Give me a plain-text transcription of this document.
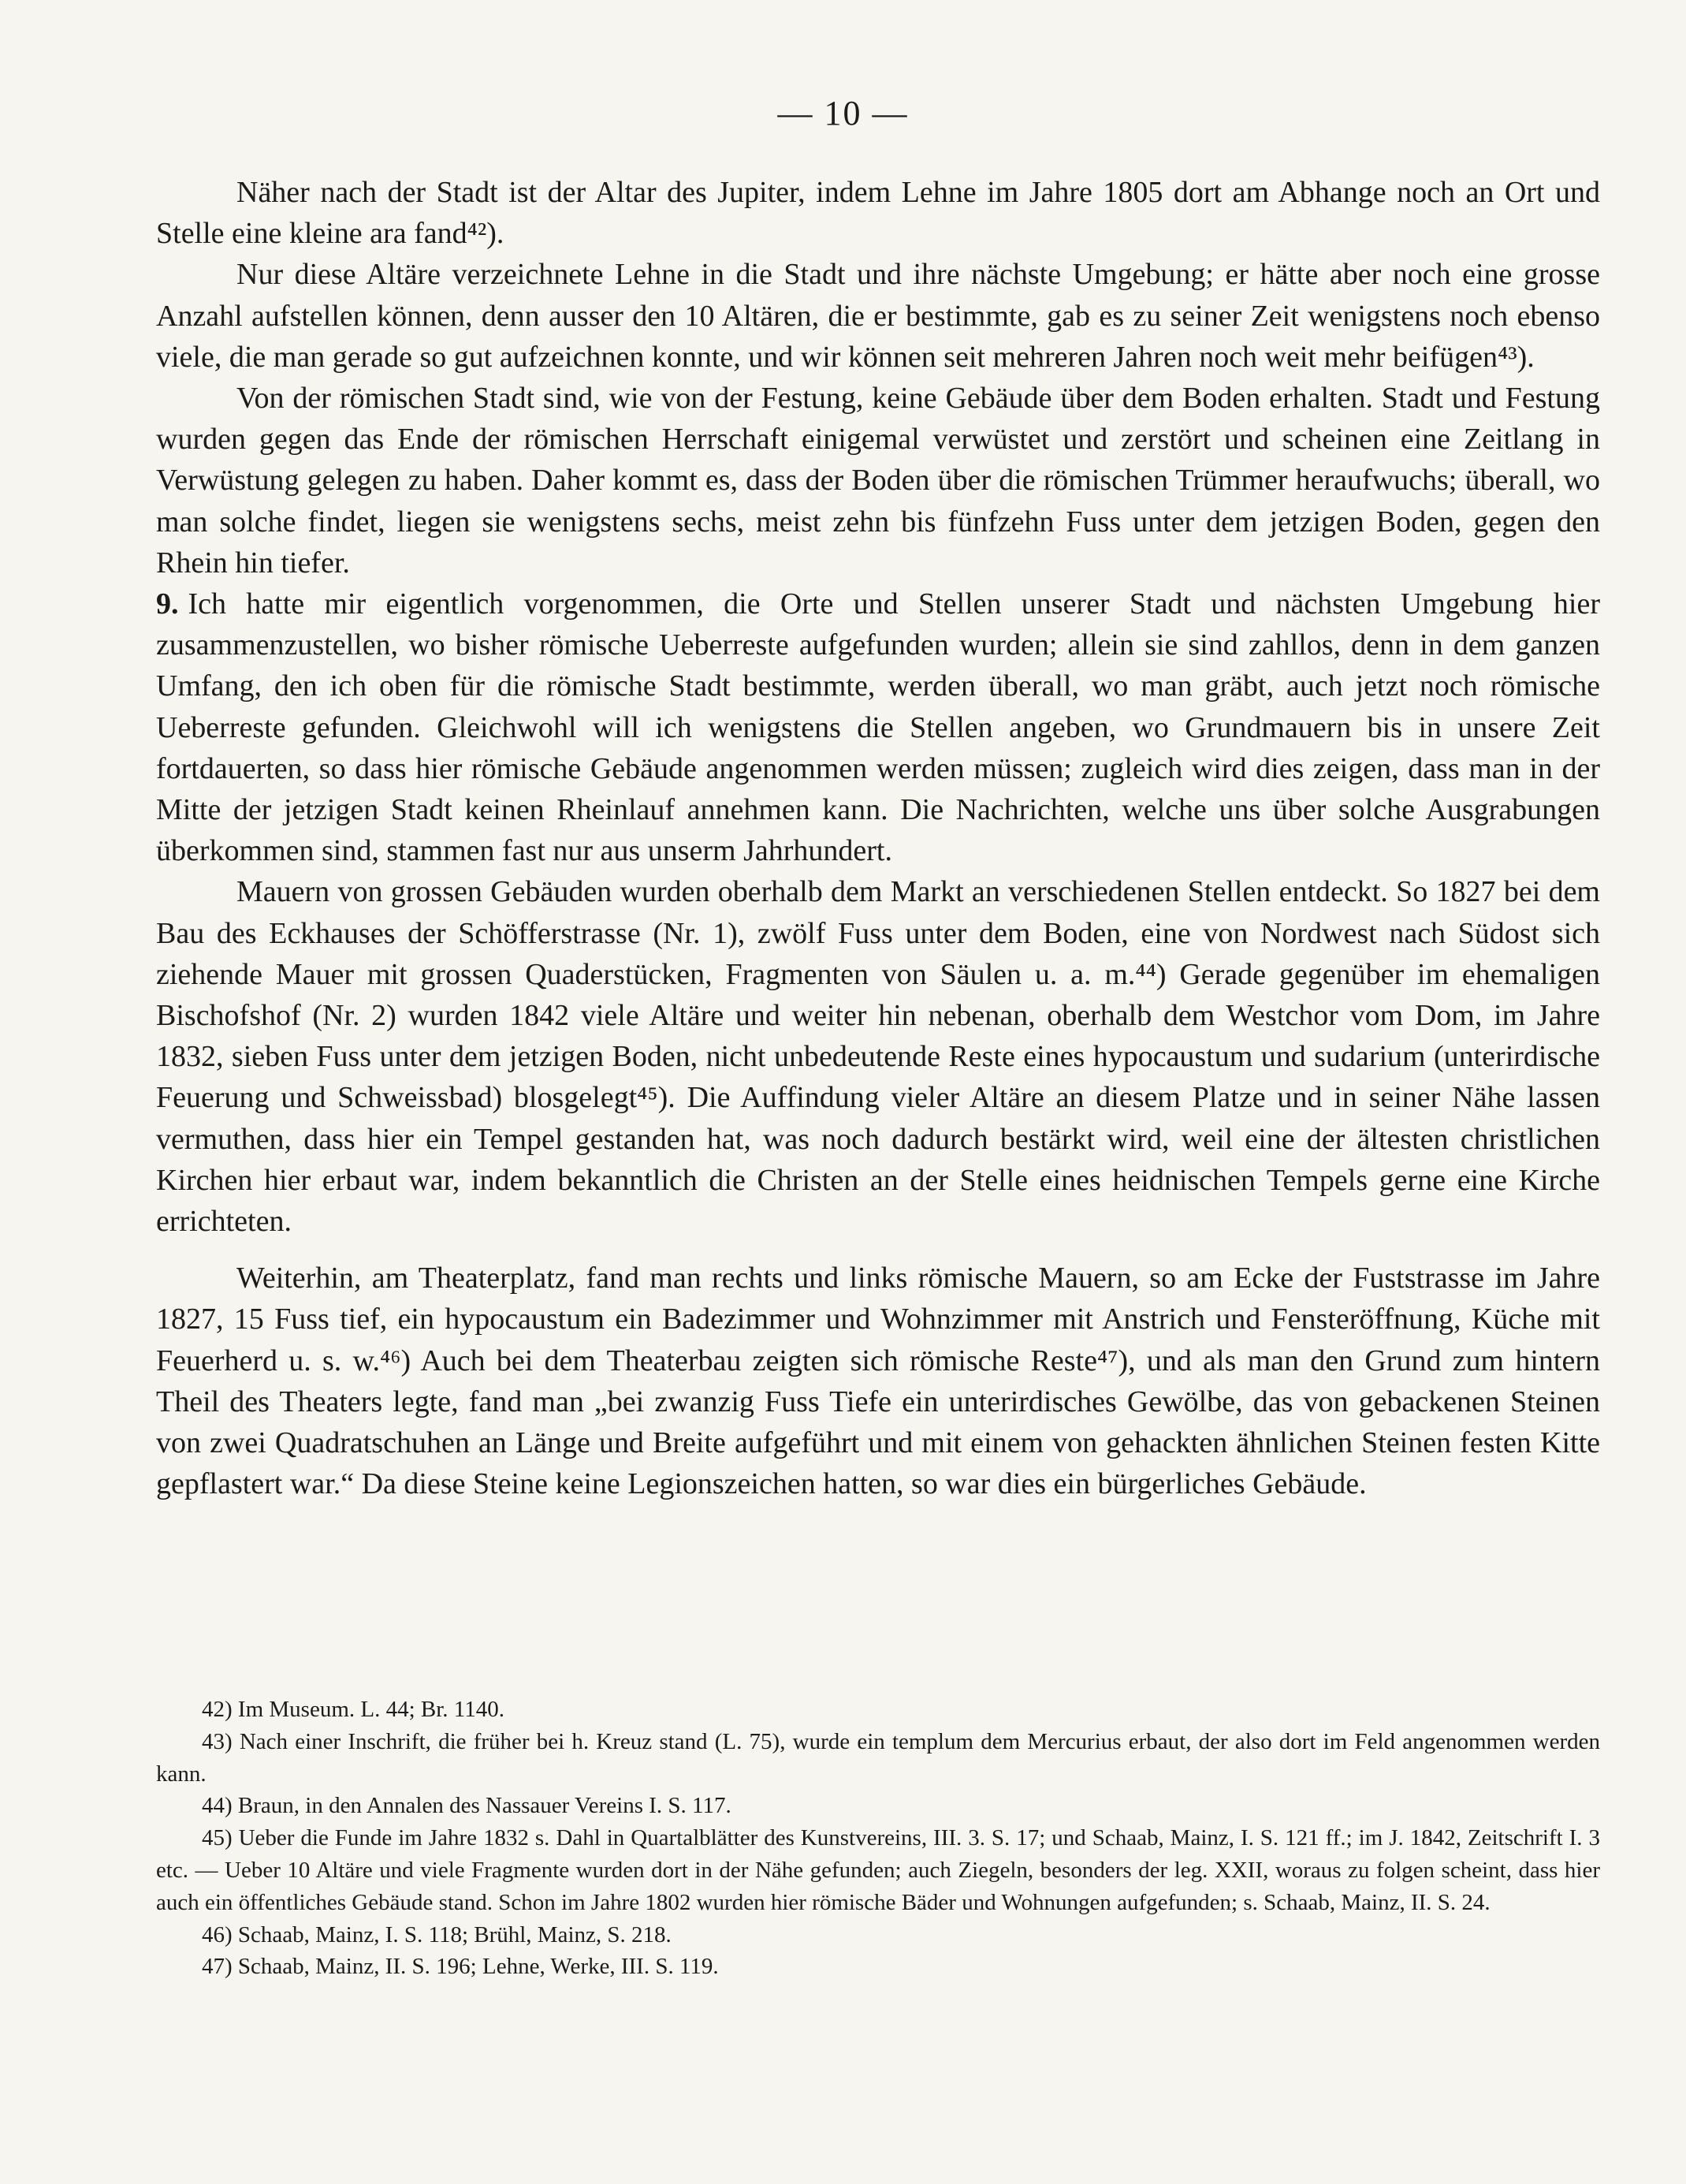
— 10 —

Näher nach der Stadt ist der Altar des Jupiter, indem Lehne im Jahre 1805 dort am Abhange noch an Ort und Stelle eine kleine ara fand⁴²).

Nur diese Altäre verzeichnete Lehne in die Stadt und ihre nächste Umgebung; er hätte aber noch eine grosse Anzahl aufstellen können, denn ausser den 10 Altären, die er bestimmte, gab es zu seiner Zeit wenigstens noch ebenso viele, die man gerade so gut aufzeichnen konnte, und wir können seit mehreren Jahren noch weit mehr beifügen⁴³).

Von der römischen Stadt sind, wie von der Festung, keine Gebäude über dem Boden erhalten. Stadt und Festung wurden gegen das Ende der römischen Herrschaft einigemal verwüstet und zerstört und scheinen eine Zeitlang in Verwüstung gelegen zu haben. Daher kommt es, dass der Boden über die römischen Trümmer heraufwuchs; überall, wo man solche findet, liegen sie wenigstens sechs, meist zehn bis fünfzehn Fuss unter dem jetzigen Boden, gegen den Rhein hin tiefer.

9. Ich hatte mir eigentlich vorgenommen, die Orte und Stellen unserer Stadt und nächsten Umgebung hier zusammenzustellen, wo bisher römische Ueberreste aufgefunden wurden; allein sie sind zahllos, denn in dem ganzen Umfang, den ich oben für die römische Stadt bestimmte, werden überall, wo man gräbt, auch jetzt noch römische Ueberreste gefunden. Gleichwohl will ich wenigstens die Stellen angeben, wo Grundmauern bis in unsere Zeit fortdauerten, so dass hier römische Gebäude angenommen werden müssen; zugleich wird dies zeigen, dass man in der Mitte der jetzigen Stadt keinen Rheinlauf annehmen kann. Die Nachrichten, welche uns über solche Ausgrabungen überkommen sind, stammen fast nur aus unserm Jahrhundert.

Mauern von grossen Gebäuden wurden oberhalb dem Markt an verschiedenen Stellen entdeckt. So 1827 bei dem Bau des Eckhauses der Schöfferstrasse (Nr. 1), zwölf Fuss unter dem Boden, eine von Nordwest nach Südost sich ziehende Mauer mit grossen Quaderstücken, Fragmenten von Säulen u. a. m.⁴⁴) Gerade gegenüber im ehemaligen Bischofshof (Nr. 2) wurden 1842 viele Altäre und weiter hin nebenan, oberhalb dem Westchor vom Dom, im Jahre 1832, sieben Fuss unter dem jetzigen Boden, nicht unbedeutende Reste eines hypocaustum und sudarium (unterirdische Feuerung und Schweissbad) blosgelegt⁴⁵). Die Auffindung vieler Altäre an diesem Platze und in seiner Nähe lassen vermuthen, dass hier ein Tempel gestanden hat, was noch dadurch bestärkt wird, weil eine der ältesten christlichen Kirchen hier erbaut war, indem bekanntlich die Christen an der Stelle eines heidnischen Tempels gerne eine Kirche errichteten.

Weiterhin, am Theaterplatz, fand man rechts und links römische Mauern, so am Ecke der Fuststrasse im Jahre 1827, 15 Fuss tief, ein hypocaustum ein Badezimmer und Wohnzimmer mit Anstrich und Fensteröffnung, Küche mit Feuerherd u. s. w.⁴⁶) Auch bei dem Theaterbau zeigten sich römische Reste⁴⁷), und als man den Grund zum hintern Theil des Theaters legte, fand man „bei zwanzig Fuss Tiefe ein unterirdisches Gewölbe, das von gebackenen Steinen von zwei Quadratschuhen an Länge und Breite aufgeführt und mit einem von gehackten ähnlichen Steinen festen Kitte gepflastert war.“ Da diese Steine keine Legionszeichen hatten, so war dies ein bürgerliches Gebäude.

42) Im Museum. L. 44; Br. 1140.

43) Nach einer Inschrift, die früher bei h. Kreuz stand (L. 75), wurde ein templum dem Mercurius erbaut, der also dort im Feld angenommen werden kann.

44) Braun, in den Annalen des Nassauer Vereins I. S. 117.

45) Ueber die Funde im Jahre 1832 s. Dahl in Quartalblätter des Kunstvereins, III. 3. S. 17; und Schaab, Mainz, I. S. 121 ff.; im J. 1842, Zeitschrift I. 3 etc. — Ueber 10 Altäre und viele Fragmente wurden dort in der Nähe gefunden; auch Ziegeln, besonders der leg. XXII, woraus zu folgen scheint, dass hier auch ein öffentliches Gebäude stand. Schon im Jahre 1802 wurden hier römische Bäder und Wohnungen aufgefunden; s. Schaab, Mainz, II. S. 24.

46) Schaab, Mainz, I. S. 118; Brühl, Mainz, S. 218.

47) Schaab, Mainz, II. S. 196; Lehne, Werke, III. S. 119.
